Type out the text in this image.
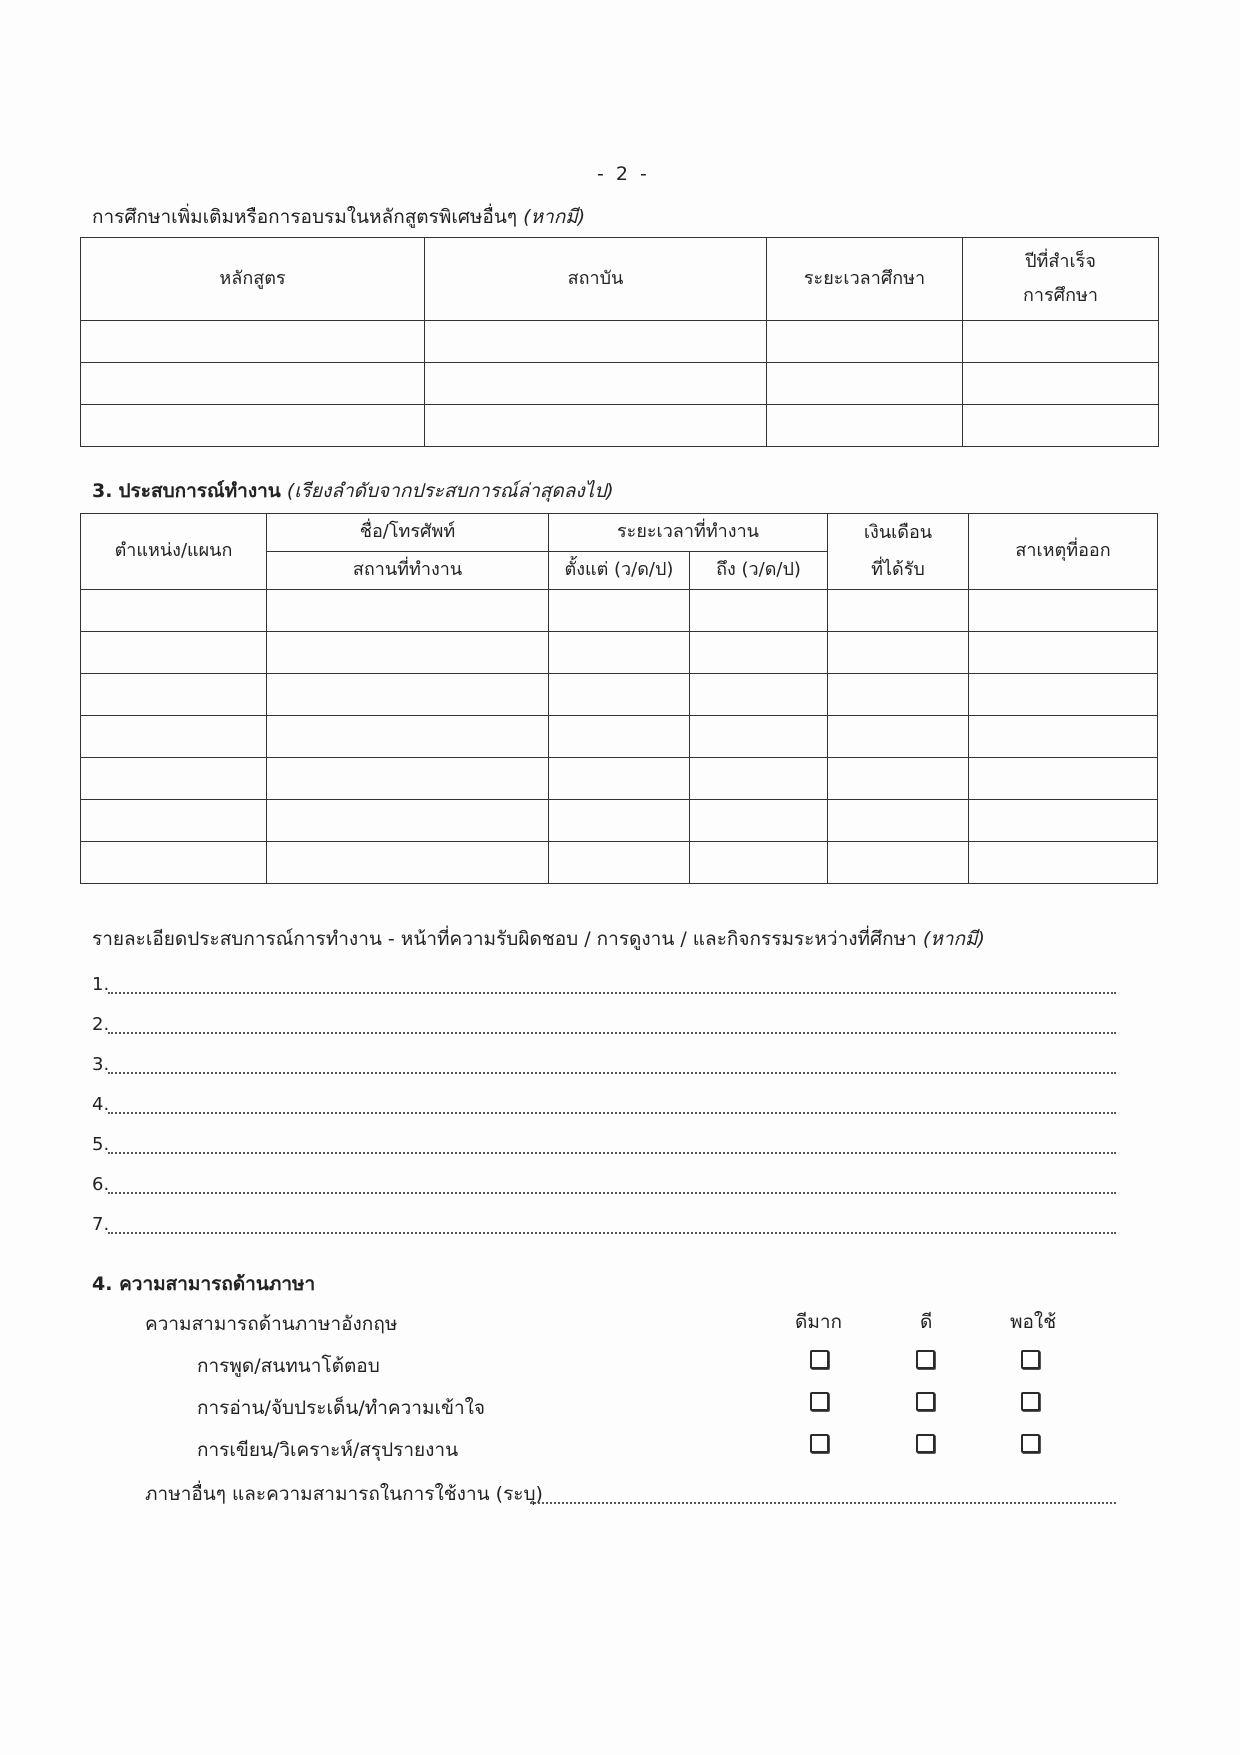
- 2 -
การศึกษาเพิ่มเติมหรือการอบรมในหลักสูตรพิเศษอื่นๆ (หากมี)
หลักสูตร	สถาบัน	ระยะเวลาศึกษา	ปีที่สำเร็จ
การศึกษา

3. ประสบการณ์ทำงาน (เรียงลำดับจากประสบการณ์ล่าสุดลงไป)
ตำแหน่ง/แผนก	ชื่อ/โทรศัพท์	ระยะเวลาที่ทำงาน		เงินเดือน	สาเหตุที่ออก
	สถานที่ทำงาน	ตั้งแต่ (ว/ด/ป)	ถึง (ว/ด/ป)	ที่ได้รับ	

รายละเอียดประสบการณ์การทำงาน - หน้าที่ความรับผิดชอบ / การดูงาน / และกิจกรรมระหว่างที่ศึกษา (หากมี)
1.
2.
3.
4.
5.
6.
7.
4. ความสามารถด้านภาษา
ความสามารถด้านภาษาอังกฤษ	ดีมาก	ดี	พอใช้
การพูด/สนทนาโต้ตอบ
การอ่าน/จับประเด็น/ทำความเข้าใจ
การเขียน/วิเคราะห์/สรุปรายงาน
ภาษาอื่นๆ และความสามารถในการใช้งาน (ระบุ)
